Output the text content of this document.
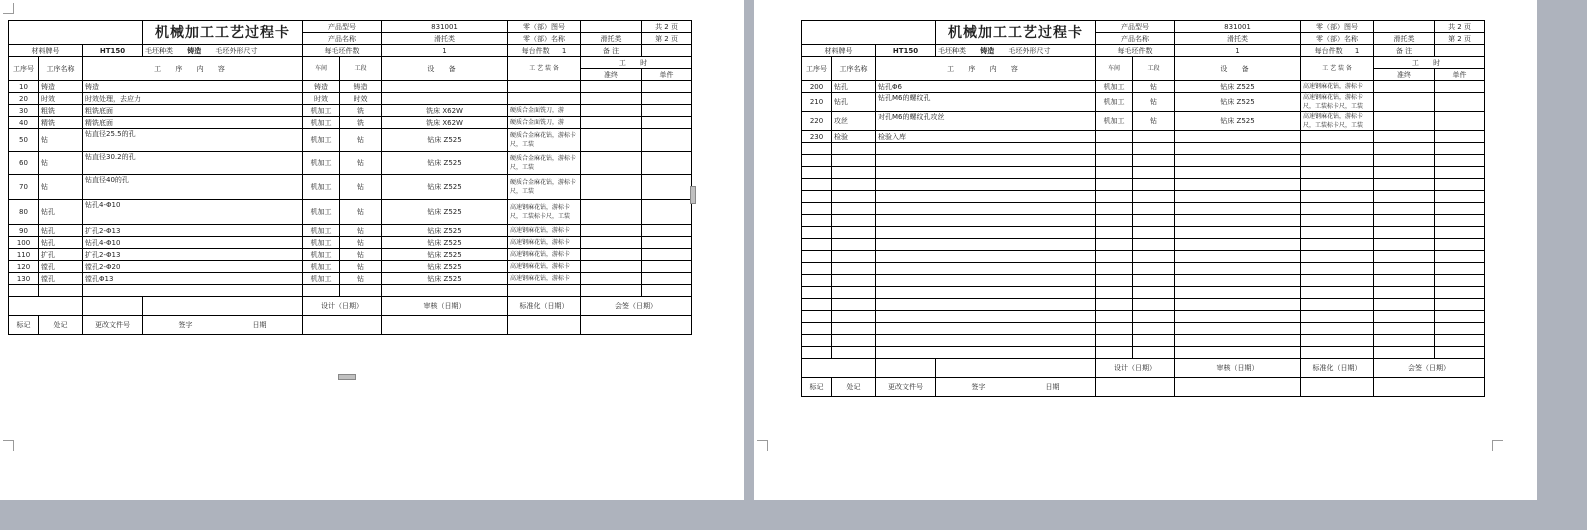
			机械加工工艺过程卡	产品型号		831001	零（部）图号		共 2 页
				产品名称		滑托类	零（部）名称	滑托类	第 2 页
材料牌号		HT150	毛坯种类 铸造 毛坯外形尺寸	每毛坯件数		1	每台件数 1	备 注	
工序号	工序名称	工 序 内 容		车间	工段	设 备	工 艺 装 备	工 时	
								准终	单件
10	铸造	铸造		铸造	铸造				
20	时效	时效处理，去应力		时效	时效				
30	粗铣	粗铣底面		机加工	铣	铣床 X62W	硬质合金面铣刀，游		
40	精铣	精铣底面		机加工	铣	铣床 X62W	硬质合金面铣刀，游		
50	钻	钻直径25.5的孔		机加工	钻	钻床 Z525	硬质合金麻花钻，游标卡尺，工装		
60	钻	钻直径30.2的孔		机加工	钻	钻床 Z525	硬质合金麻花钻，游标卡尺，工装		
70	钻	钻直径40的孔		机加工	钻	钻床 Z525	硬质合金麻花钻，游标卡尺，工装		
80	钻孔	钻孔4-Φ10		机加工	钻	钻床 Z525	高速钢麻花钻，游标卡尺，工装标卡尺，工装		
90	钻孔	扩孔2-Φ13		机加工	钻	钻床 Z525	高速钢麻花钻，游标卡		
100	钻孔	钻孔4-Φ10		机加工	钻	钻床 Z525	高速钢麻花钻，游标卡		
110	扩孔	扩孔2-Φ13		机加工	钻	钻床 Z525	高速钢麻花钻，游标卡		
120	镗孔	镗孔2-Φ20		机加工	钻	钻床 Z525	高速钢麻花钻，游标卡		
130	镗孔	镗孔Φ13		机加工	钻	钻床 Z525	高速钢麻花钻，游标卡		

				设计（日期）		审核（日期）	标准化（日期）	会签（日期）	
标记	处记	更改文件号	签字 日期						
			机械加工工艺过程卡	产品型号		831001	零（部）图号		共 2 页
				产品名称		滑托类	零（部）名称	滑托类	第 2 页
材料牌号		HT150	毛坯种类 铸造 毛坯外形尺寸	每毛坯件数		1	每台件数 1	备 注	
工序号	工序名称	工 序 内 容		车间	工段	设 备	工 艺 装 备	工 时	
								准终	单件
200	钻孔	钻孔Φ6		机加工	钻	钻床 Z525	高速钢麻花钻，游标卡		
210	钻孔	钻孔M6的螺纹孔		机加工	钻	钻床 Z525	高速钢麻花钻，游标卡尺，工装标卡尺，工装		
220	攻丝	对孔M6的螺纹孔攻丝		机加工	钻	钻床 Z525	高速钢麻花钻，游标卡尺，工装标卡尺，工装		
230	检验	检验入库							

				设计（日期）		审核（日期）	标准化（日期）	会签（日期）	
标记	处记	更改文件号	签字 日期						
